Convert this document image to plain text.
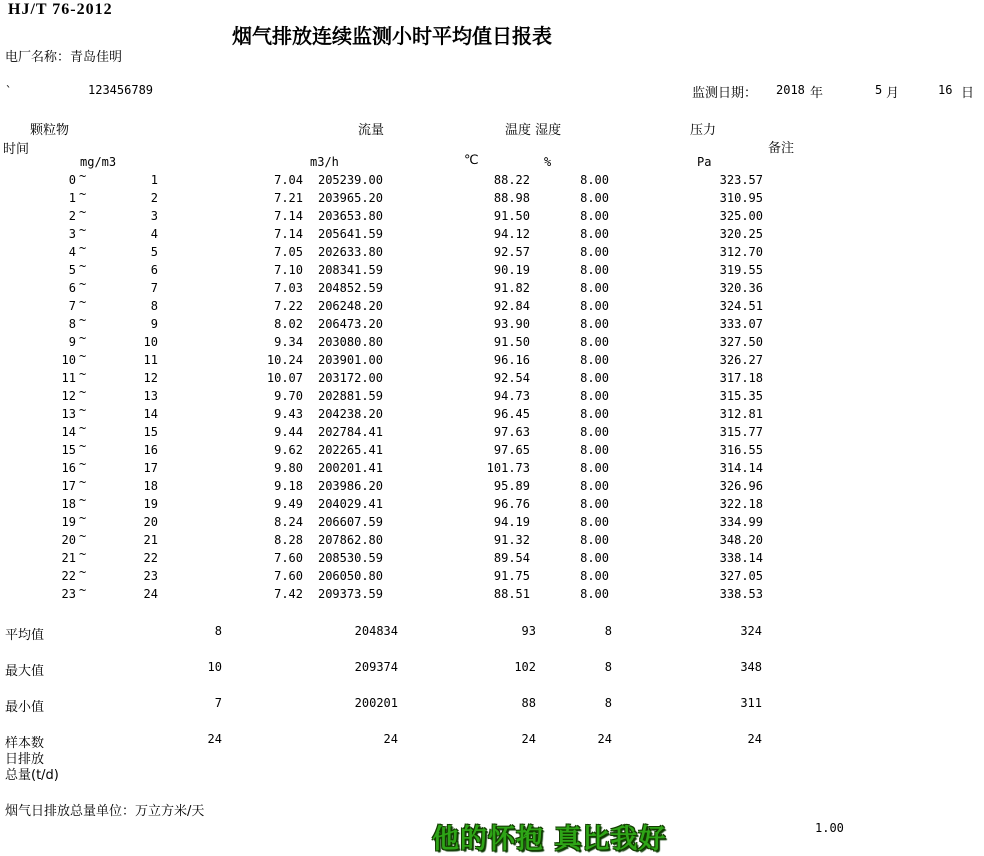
HJ/T 76-2012
烟气排放连续监测小时平均值日报表
电厂名称： 青岛佳明
`	123456789	监测日期： 2018 年	5 月	16 日
颗粒物
时间
流量	温度 湿度	压力
备注
mg/m3	m3/h	℃	%	Pa
0	1	7.04	205239.00	88.22	8.00	323.57
~
1	2	7.21	203965.20	88.98	8.00	310.95
~
2	3	7.14	203653.80	91.50	8.00	325.00
~
3	4	7.14	205641.59	94.12	8.00	320.25
~
4	5	7.05	202633.80	92.57	8.00	312.70
~
5	6	7.10	208341.59	90.19	8.00	319.55
~
6	7	7.03	204852.59	91.82	8.00	320.36
~
7	8	7.22	206248.20	92.84	8.00	324.51
~
8	9	8.02	206473.20	93.90	8.00	333.07
~
9	10	9.34	203080.80	91.50	8.00	327.50
~
10	11	10.24	203901.00	96.16	8.00	326.27
~
11	12	10.07	203172.00	92.54	8.00	317.18
~
12	13	9.70	202881.59	94.73	8.00	315.35
~
13	14	9.43	204238.20	96.45	8.00	312.81
~
14	15	9.44	202784.41	97.63	8.00	315.77
~
15	16	9.62	202265.41	97.65	8.00	316.55
~
16	17	9.80	200201.41	101.73	8.00	314.14
~
17	18	9.18	203986.20	95.89	8.00	326.96
~
18	19	9.49	204029.41	96.76	8.00	322.18
~
19	20	8.24	206607.59	94.19	8.00	334.99
~
20	21	8.28	207862.80	91.32	8.00	348.20
~
21	22	7.60	208530.59	89.54	8.00	338.14
~
22	23	7.60	206050.80	91.75	8.00	327.05
~
23	24	7.42	209373.59	88.51	8.00	338.53
~
平均值	8	204834	93	8	324
最大值	10	209374	102	8	348
最小值	7	200201	88	8	311
样本数	24	24	24	24	24
日排放
总量(t/d)
烟气日排放总量单位：万立方米/天
他的怀抱 真比我好	1.00
